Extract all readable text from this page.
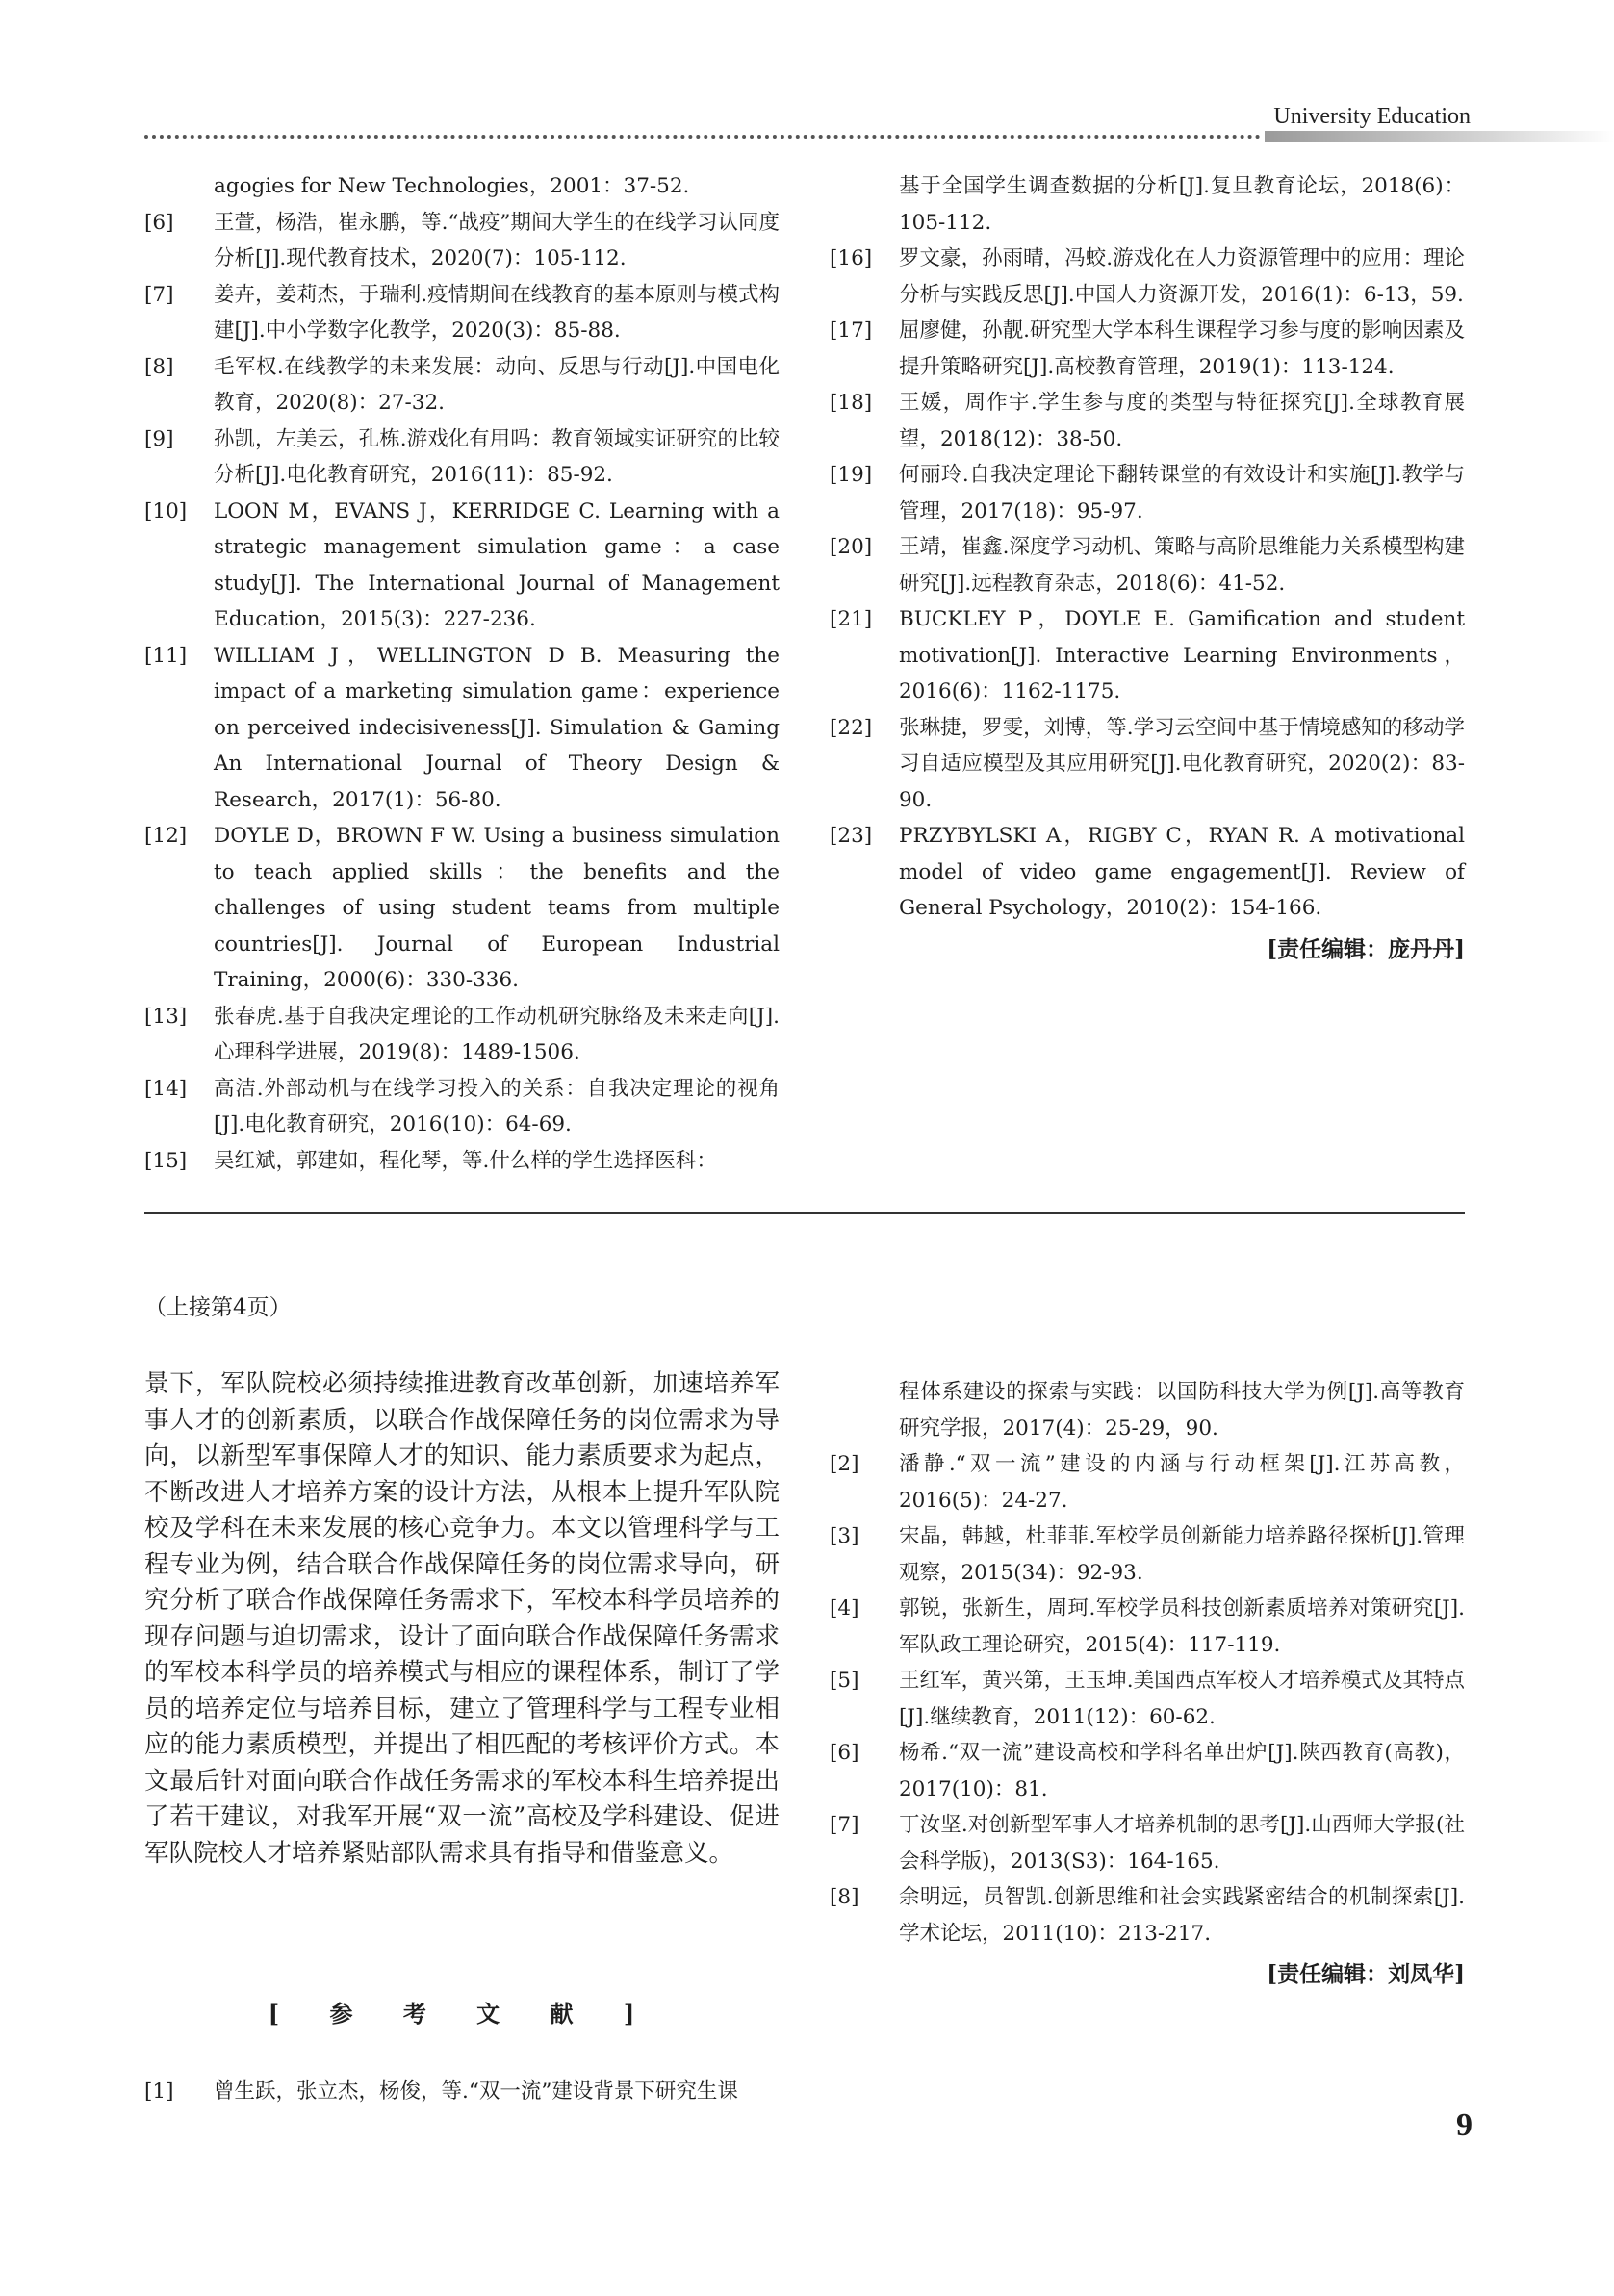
University Education
agogies for New Technologies，2001：37-52.
[6]	王萱，杨浩，崔永鹏，等.“战疫”期间大学生的在线学习认同度分析[J].现代教育技术，2020(7)：105-112.
[7]	姜卉，姜莉杰，于瑞利.疫情期间在线教育的基本原则与模式构建[J].中小学数字化教学，2020(3)：85-88.
[8]	毛军权.在线教学的未来发展：动向、反思与行动[J].中国电化教育，2020(8)：27-32.
[9]	孙凯，左美云，孔栋.游戏化有用吗：教育领域实证研究的比较分析[J].电化教育研究，2016(11)：85-92.
[10]	LOON M，EVANS J，KERRIDGE C. Learning with a strategic management simulation game：a case study[J]. The International Journal of Management Education，2015(3)：227-236.
[11]	WILLIAM J，WELLINGTON D B. Measuring the impact of a marketing simulation game：experience on perceived indecisiveness[J]. Simulation & Gaming An International Journal of Theory Design & Research，2017(1)：56-80.
[12]	DOYLE D，BROWN F W. Using a business simulation to teach applied skills：the benefits and the challenges of using student teams from multiple countries[J]. Journal of European Industrial Training，2000(6)：330-336.
[13]	张春虎.基于自我决定理论的工作动机研究脉络及未来走向[J].心理科学进展，2019(8)：1489-1506.
[14]	高洁.外部动机与在线学习投入的关系：自我决定理论的视角[J].电化教育研究，2016(10)：64-69.
[15]	吴红斌，郭建如，程化琴，等.什么样的学生选择医科：
基于全国学生调查数据的分析[J].复旦教育论坛，2018(6)：105-112.
[16]	罗文豪，孙雨晴，冯蛟.游戏化在人力资源管理中的应用：理论分析与实践反思[J].中国人力资源开发，2016(1)：6-13，59.
[17]	屈廖健，孙靓.研究型大学本科生课程学习参与度的影响因素及提升策略研究[J].高校教育管理，2019(1)：113-124.
[18]	王媛，周作宇.学生参与度的类型与特征探究[J].全球教育展望，2018(12)：38-50.
[19]	何丽玲.自我决定理论下翻转课堂的有效设计和实施[J].教学与管理，2017(18)：95-97.
[20]	王靖，崔鑫.深度学习动机、策略与高阶思维能力关系模型构建研究[J].远程教育杂志，2018(6)：41-52.
[21]	BUCKLEY P，DOYLE E. Gamification and student motivation[J]. Interactive Learning Environments，2016(6)：1162-1175.
[22]	张琳捷，罗雯，刘博，等.学习云空间中基于情境感知的移动学习自适应模型及其应用研究[J].电化教育研究，2020(2)：83-90.
[23]	PRZYBYLSKI A，RIGBY C，RYAN R. A motivational model of video game engagement[J]. Review of General Psychology，2010(2)：154-166.
[责任编辑：庞丹丹]
（上接第4页）
景下，军队院校必须持续推进教育改革创新，加速培养军事人才的创新素质，以联合作战保障任务的岗位需求为导向，以新型军事保障人才的知识、能力素质要求为起点，不断改进人才培养方案的设计方法，从根本上提升军队院校及学科在未来发展的核心竞争力。本文以管理科学与工程专业为例，结合联合作战保障任务的岗位需求导向，研究分析了联合作战保障任务需求下，军校本科学员培养的现存问题与迫切需求，设计了面向联合作战保障任务需求的军校本科学员的培养模式与相应的课程体系，制订了学员的培养定位与培养目标，建立了管理科学与工程专业相应的能力素质模型，并提出了相匹配的考核评价方式。本文最后针对面向联合作战任务需求的军校本科生培养提出了若干建议，对我军开展“双一流”高校及学科建设、促进军队院校人才培养紧贴部队需求具有指导和借鉴意义。
[ 参 考 文 献 ]
[1]	曾生跃，张立杰，杨俊，等.“双一流”建设背景下研究生课
程体系建设的探索与实践：以国防科技大学为例[J].高等教育研究学报，2017(4)：25-29，90.
[2]	潘静.“双一流”建设的内涵与行动框架[J].江苏高教，2016(5)：24-27.
[3]	宋晶，韩越，杜菲菲.军校学员创新能力培养路径探析[J].管理观察，2015(34)：92-93.
[4]	郭锐，张新生，周珂.军校学员科技创新素质培养对策研究[J].军队政工理论研究，2015(4)：117-119.
[5]	王红军，黄兴第，王玉坤.美国西点军校人才培养模式及其特点[J].继续教育，2011(12)：60-62.
[6]	杨希.“双一流”建设高校和学科名单出炉[J].陕西教育(高教)，2017(10)：81.
[7]	丁汝坚.对创新型军事人才培养机制的思考[J].山西师大学报(社会科学版)，2013(S3)：164-165.
[8]	余明远，员智凯.创新思维和社会实践紧密结合的机制探索[J].学术论坛，2011(10)：213-217.
[责任编辑：刘凤华]
9
